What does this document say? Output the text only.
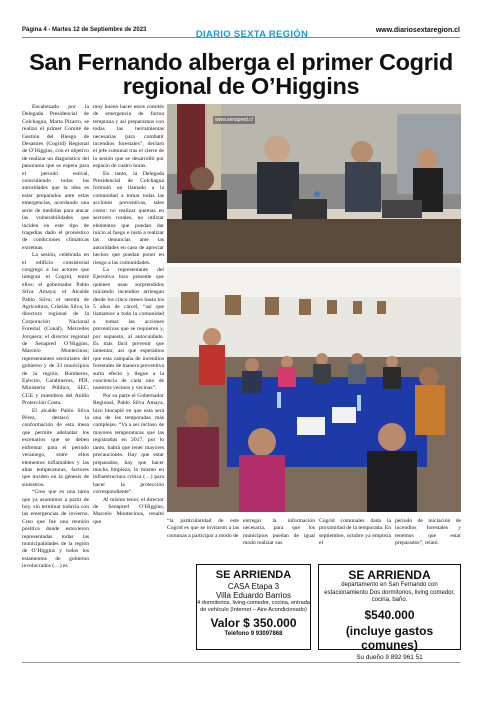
Página 4 - Martes 12 de Septiembre de 2023	DIARIO SEXTA REGIÓN	www.diariosextaregion.cl
San Fernando alberga el primer Cogrid regional de O’Higgins

Encabezado por la Delegada Presidencial de Colchagua, Marta Pizarro, se realizó el primer Comité de Gestión del Riesgo de Desastres (Cogrid) Regional de O’Higgins, con el objetivo de realizar un diagnóstico del panorama que se espera para el periodo estival, coincidiendo todas las autoridades que la idea es estar preparados ante estas emergencias, acordando una serie de medidas para atacar las vulnerabilidades que inciden en este tipo de tragedias dado el pronóstico de condiciones climáticas extremas.

La sesión, celebrada en el edificio consistorial congregó a los actores que integran el Cogrid, entre ellos: el gobernador Pablo Silva Amaya; el Alcalde Pablo Silva; el seremi de Agricultura, Cristián Silva, la directora regional de la Corporación Nacional Forestal (Conaf), Mercedes Jorquera; el director regional de Senapred O’Higgins, Marcelo Montecinos; representantes sectoriales del gobierno y de 33 municipios de la región; Bomberos, Ejército, Carabineros, PDI, Ministerio Público, SEC, CGE y miembros del Anillo Protección Costa.

El alcalde Pablo Silva Pérez, destacó la conformación de esta mesa que permite adelantar los escenarios que se deben enfrentar para el período veraniego, entre ellos elementos inflamables y las altas temperaturas, factores que inciden en la génesis de siniestros.

“Creo que es una tarea que ya asumimos a partir de hoy, sin terminar todavía con las emergencias de invierno. Creo que fue una reunión positiva donde estuvieron representadas todas las municipalidades de la región de O’Higgins y todos los estamentos de gobierno involucrados (…) es

muy bueno hacer estos comités de emergencia de forma temprana y así prepararnos con todas las herramientas necesarias para combatir incendios forestales”, declaró el jefe comunal tras el cierre de la sesión que se desarrolló por espacio de cuatro horas.

En tanto, la Delegada Presidencial de Colchagua formuló un llamado a la comunidad a tomar todas las acciones preventivas, tales como: no realizar quemas en sectores rurales, no utilizar elementos que puedan dar inicio al fuego e instó a realizar las denuncias ante las autoridades en caso de apreciar hechos que puedan poner en riesgo a las comunidades.

La representante del Ejecutivo hizo presente que quienes usan sorprendidos iniciando incendios arriesgan desde los cinco meses hasta los 5 años de cárcel, “así que llamamos a toda la comunidad a tomar las acciones preventivas que se requieren y, por supuesto, al autocuidado. Es más fácil prevenir que lamentar, así que esperamos que esta campaña de incendios forestales de manera preventiva surta efecto y llegue a la conciencia de cada uno de nuestros vecinos y vecinas”.

Por su parte el Gobernador Regional, Pablo Silva Amaya, hizo hincapié en que esta será una de las temporadas más complejas. “Va a ser incluso de mayores temperaturas que las registradas en 2017, por lo tanto, habrá que tener mayores precauciones. Hay que estar preparados, hay que hacer mucha limpieza; lo mismo en infraestructura crítica (…) para hacer la protección correspondiente”.

Al mismo tenor, el director de Senapred O’Higgins, Marcelo Montecinos, resaltó que

www.senapred.cl

“la particularidad de este Cogrid es que se invitaron a las comunas a participar a modo de

entregar la información necesaria, para que los municipios puedan de igual modo realizar sus

Cogrid comunales dada la proximidad de la temporada. En septiembre, octubre ya empieza el

periodo de iniciación de incendios forestales y tenemos que estar preparados”, relató.

SE ARRIENDA
CASA Etapa 3
Villa Eduardo Barrios
4 dormitorios, living-comedor, cocina, entrada de vehículo (Internet – Aire Acondicionado)
Valor $ 350.000
Teléfono 9 93097868
SE ARRIENDA
departamento en San Fernando con estacionamiento Dos dormitorios, living comedor, cocina, baño.
$540.000
(incluye gastos comunes)
Su dueño 9 892 961 51
